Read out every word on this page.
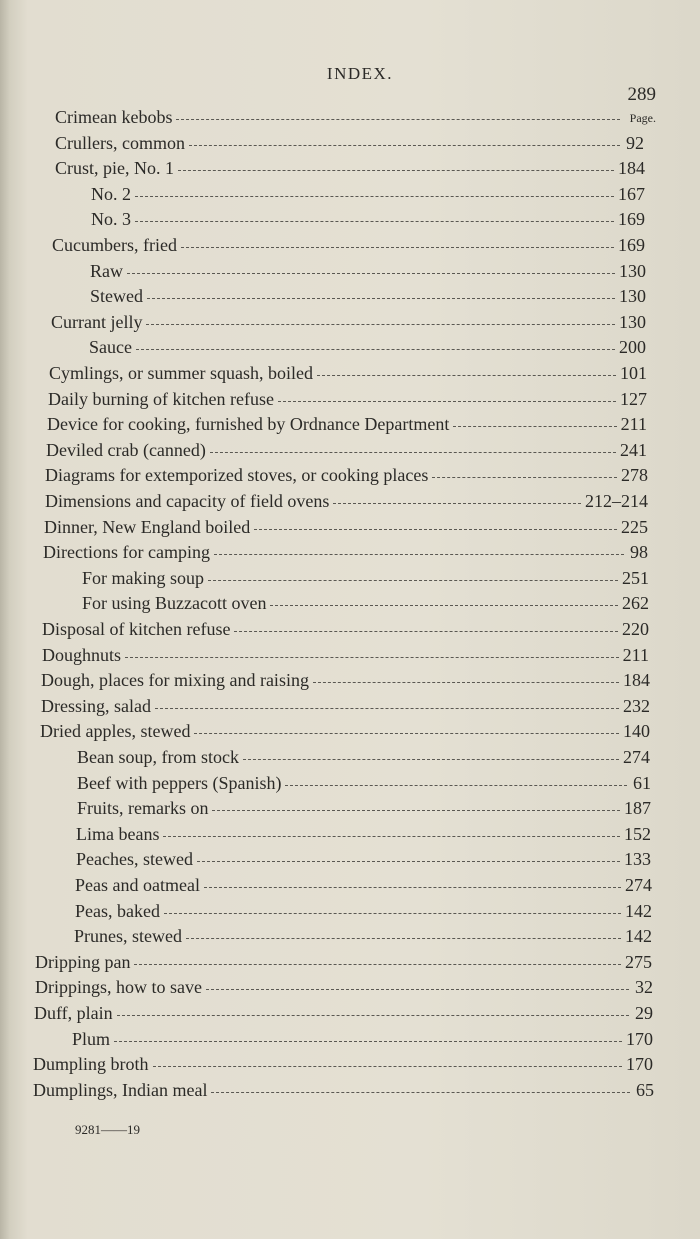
INDEX.
289
Page.
Crimean kebobs
Crullers, common	92
Crust, pie, No. 1	184
No. 2	167
No. 3	169
Cucumbers, fried	169
Raw	130
Stewed	130
Currant jelly	130
Sauce	200
Cymlings, or summer squash, boiled	101
Daily burning of kitchen refuse	127
Device for cooking, furnished by Ordnance Department	211
Deviled crab (canned)	241
Diagrams for extemporized stoves, or cooking places	278
Dimensions and capacity of field ovens	212–214
Dinner, New England boiled	225
Directions for camping	98
For making soup	251
For using Buzzacott oven	262
Disposal of kitchen refuse	220
Doughnuts	211
Dough, places for mixing and raising	184
Dressing, salad	232
Dried apples, stewed	140
Bean soup, from stock	274
Beef with peppers (Spanish)	61
Fruits, remarks on	187
Lima beans	152
Peaches, stewed	133
Peas and oatmeal	274
Peas, baked	142
Prunes, stewed	142
Dripping pan	275
Drippings, how to save	32
Duff, plain	29
Plum	170
Dumpling broth	170
Dumplings, Indian meal	65
9281——19
